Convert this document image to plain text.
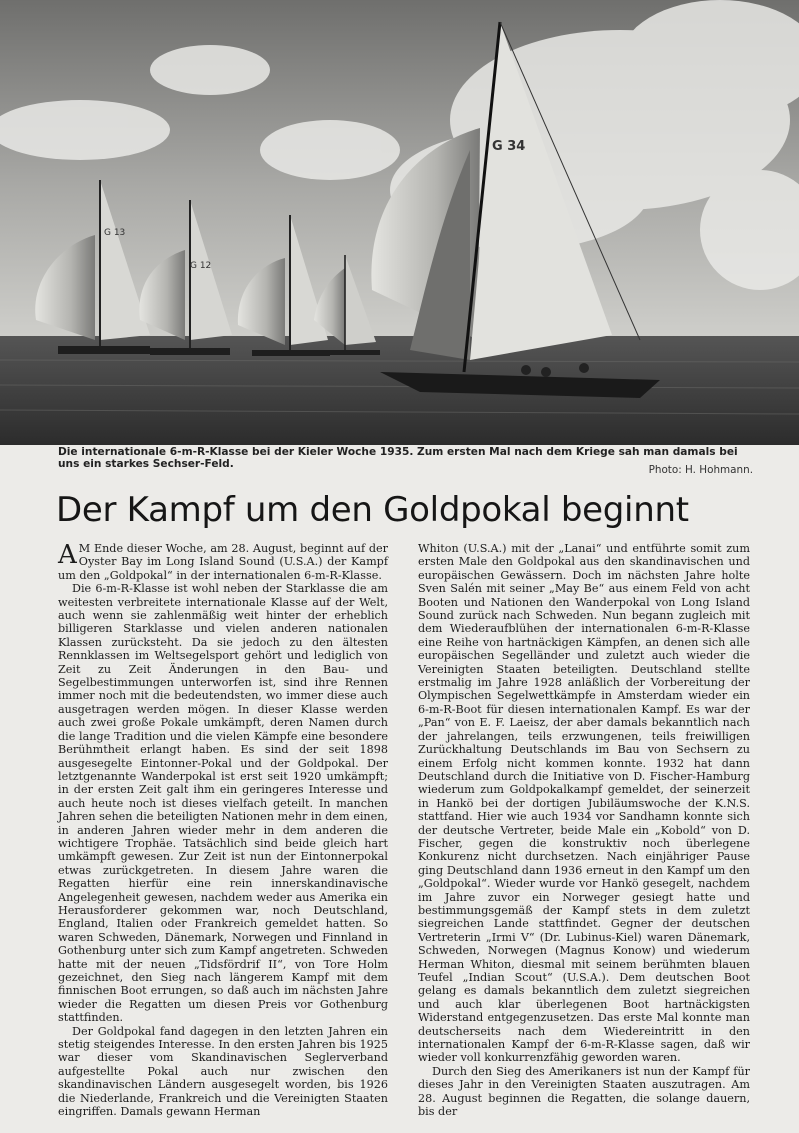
G 34
G 13
G 12
Die internationale 6-m-R-Klasse bei der Kieler Woche 1935. Zum ersten Mal nach dem Kriege sah man damals bei uns ein starkes Sechser-Feld.	Photo: H. Hohmann.
Der Kampf um den Goldpokal beginnt

A M Ende dieser Woche, am 28. August, beginnt auf der Oyster Bay im Long Island Sound (U.S.A.) der Kampf um den „Goldpokal“ in der internationalen 6-m-R-Klasse.

Die 6-m-R-Klasse ist wohl neben der Starklasse die am weitesten verbreitete internationale Klasse auf der Welt, auch wenn sie zahlenmäßig weit hinter der erheblich billigeren Starklasse und vielen anderen nationalen Klassen zurücksteht. Da sie jedoch zu den ältesten Rennklassen im Weltsegelsport gehört und lediglich von Zeit zu Zeit Änderungen in den Bau- und Segelbestimmungen unterworfen ist, sind ihre Rennen immer noch mit die bedeutendsten, wo immer diese auch ausgetragen werden mögen. In dieser Klasse werden auch zwei große Pokale umkämpft, deren Namen durch die lange Tradition und die vielen Kämpfe eine besondere Berühmtheit erlangt haben. Es sind der seit 1898 ausgesegelte Eintonner-Pokal und der Goldpokal. Der letztgenannte Wanderpokal ist erst seit 1920 umkämpft; in der ersten Zeit galt ihm ein geringeres Interesse und auch heute noch ist dieses vielfach geteilt. In manchen Jahren sehen die beteiligten Nationen mehr in dem einen, in anderen Jahren wieder mehr in dem anderen die wichtigere Trophäe. Tatsächlich sind beide gleich hart umkämpft gewesen. Zur Zeit ist nun der Eintonnerpokal etwas zurückgetreten. In diesem Jahre waren die Regatten hierfür eine rein innerskandinavische Angelegenheit gewesen, nachdem weder aus Amerika ein Herausforderer gekommen war, noch Deutschland, England, Italien oder Frankreich gemeldet hatten. So waren Schweden, Dänemark, Norwegen und Finnland in Gothenburg unter sich zum Kampf angetreten. Schweden hatte mit der neuen „Tidsfördrif II“, von Tore Holm gezeichnet, den Sieg nach längerem Kampf mit dem finnischen Boot errungen, so daß auch im nächsten Jahre wieder die Regatten um diesen Preis vor Gothenburg stattfinden.

Der Goldpokal fand dagegen in den letzten Jahren ein stetig steigendes Interesse. In den ersten Jahren bis 1925 war dieser vom Skandinavischen Seglerverband aufgestellte Pokal auch nur zwischen den skandinavischen Ländern ausgesegelt worden, bis 1926 die Niederlande, Frankreich und die Vereinigten Staaten eingriffen. Damals gewann Herman

Whiton (U.S.A.) mit der „Lanai“ und entführte somit zum ersten Male den Goldpokal aus den skandinavischen und europäischen Gewässern. Doch im nächsten Jahre holte Sven Salén mit seiner „May Be“ aus einem Feld von acht Booten und Nationen den Wanderpokal von Long Island Sound zurück nach Schweden. Nun begann zugleich mit dem Wiederaufblühen der internationalen 6-m-R-Klasse eine Reihe von hartnäckigen Kämpfen, an denen sich alle europäischen Segelländer und zuletzt auch wieder die Vereinigten Staaten beteiligten. Deutschland stellte erstmalig im Jahre 1928 anläßlich der Vorbereitung der Olympischen Segelwettkämpfe in Amsterdam wieder ein 6-m-R-Boot für diesen internationalen Kampf. Es war der „Pan“ von E. F. Laeisz, der aber damals bekanntlich nach der jahrelangen, teils erzwungenen, teils freiwilligen Zurückhaltung Deutschlands im Bau von Sechsern zu einem Erfolg nicht kommen konnte. 1932 hat dann Deutschland durch die Initiative von D. Fischer-Hamburg wiederum zum Goldpokalkampf gemeldet, der seinerzeit in Hankö bei der dortigen Jubiläumswoche der K.N.S. stattfand. Hier wie auch 1934 vor Sandhamn konnte sich der deutsche Vertreter, beide Male ein „Kobold“ von D. Fischer, gegen die konstruktiv noch überlegene Konkurenz nicht durchsetzen. Nach einjähriger Pause ging Deutschland dann 1936 erneut in den Kampf um den „Goldpokal“. Wieder wurde vor Hankö gesegelt, nachdem im Jahre zuvor ein Norweger gesiegt hatte und bestimmungsgemäß der Kampf stets in dem zuletzt siegreichen Lande stattfindet. Gegner der deutschen Vertreterin „Irmi V“ (Dr. Lubinus-Kiel) waren Dänemark, Schweden, Norwegen (Magnus Konow) und wiederum Herman Whiton, diesmal mit seinem berühmten blauen Teufel „Indian Scout“ (U.S.A.). Dem deutschen Boot gelang es damals bekanntlich dem zuletzt siegreichen und auch klar überlegenen Boot hartnäckigsten Widerstand entgegenzusetzen. Das erste Mal konnte man deutscherseits nach dem Wiedereintritt in den internationalen Kampf der 6-m-R-Klasse sagen, daß wir wieder voll konkurrenzfähig geworden waren.

Durch den Sieg des Amerikaners ist nun der Kampf für dieses Jahr in den Vereinigten Staaten auszutragen. Am 28. August beginnen die Regatten, die solange dauern, bis der
